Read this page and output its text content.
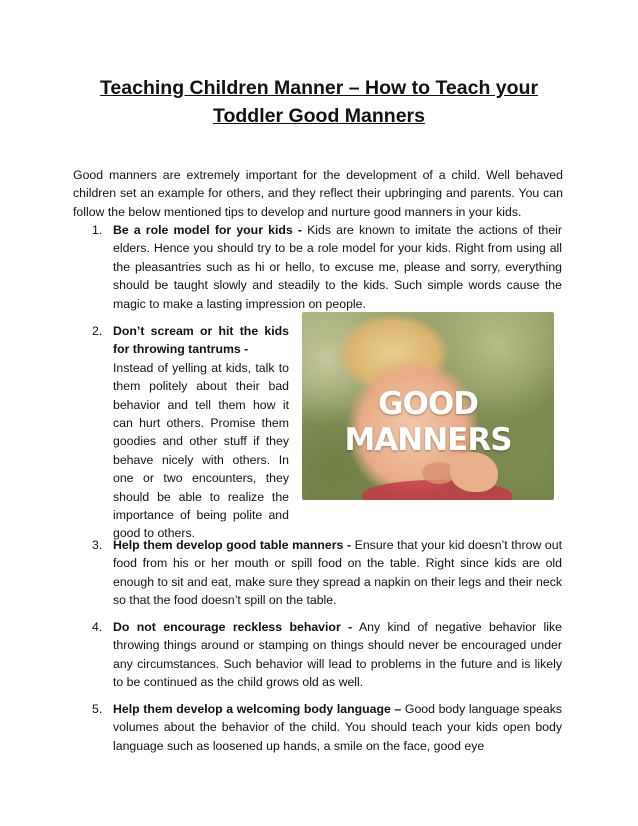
Teaching Children Manner – How to Teach your
Toddler Good Manners

Good manners are extremely important for the development of a child. Well behaved children set an example for others, and they reflect their upbringing and parents. You can follow the below mentioned tips to develop and nurture good manners in your kids.

1. Be a role model for your kids - Kids are known to imitate the actions of their elders. Hence you should try to be a role model for your kids. Right from using all the pleasantries such as hi or hello, to excuse me, please and sorry, everything should be taught slowly and steadily to the kids. Such simple words cause the magic to make a lasting impression on people.
2. Don’t scream or hit the kids for throwing tantrums -
Instead of yelling at kids, talk to them politely about their bad behavior and tell them how it can hurt others. Promise them goodies and other stuff if they behave nicely with others. In one or two encounters, they should be able to realize the importance of being polite and good to others.
GOOD MANNERS
3. Help them develop good table manners - Ensure that your kid doesn’t throw out food from his or her mouth or spill food on the table. Right since kids are old enough to sit and eat, make sure they spread a napkin on their legs and their neck so that the food doesn’t spill on the table.
4. Do not encourage reckless behavior - Any kind of negative behavior like throwing things around or stamping on things should never be encouraged under any circumstances. Such behavior will lead to problems in the future and is likely to be continued as the child grows old as well.
5. Help them develop a welcoming body language – Good body language speaks volumes about the behavior of the child. You should teach your kids open body language such as loosened up hands, a smile on the face, good eye
